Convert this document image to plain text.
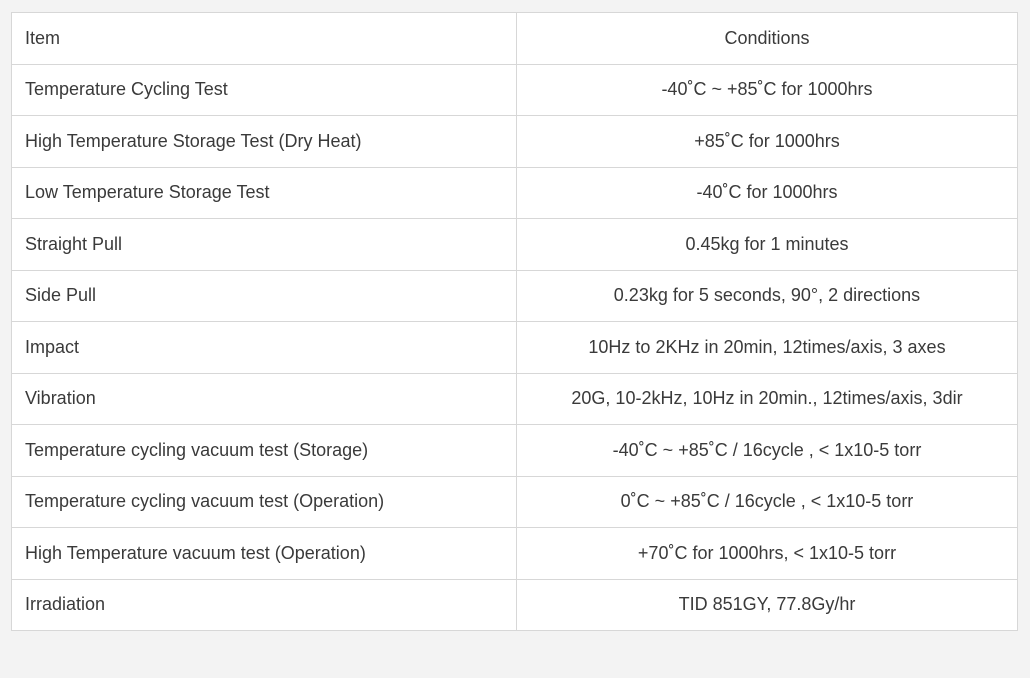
Item	Conditions
Temperature Cycling Test	-40˚C ~ +85˚C for 1000hrs
High Temperature Storage Test (Dry Heat)	+85˚C for 1000hrs
Low Temperature Storage Test	-40˚C for 1000hrs
Straight Pull	0.45kg for 1 minutes
Side Pull	0.23kg for 5 seconds, 90°, 2 directions
Impact	10Hz to 2KHz in 20min, 12times/axis, 3 axes
Vibration	20G, 10-2kHz, 10Hz in 20min., 12times/axis, 3dir
Temperature cycling vacuum test (Storage)	-40˚C ~ +85˚C / 16cycle , < 1x10-5 torr
Temperature cycling vacuum test (Operation)	0˚C ~ +85˚C / 16cycle , < 1x10-5 torr
High Temperature vacuum test (Operation)	+70˚C for 1000hrs, < 1x10-5 torr
Irradiation	TID 851GY, 77.8Gy/hr
